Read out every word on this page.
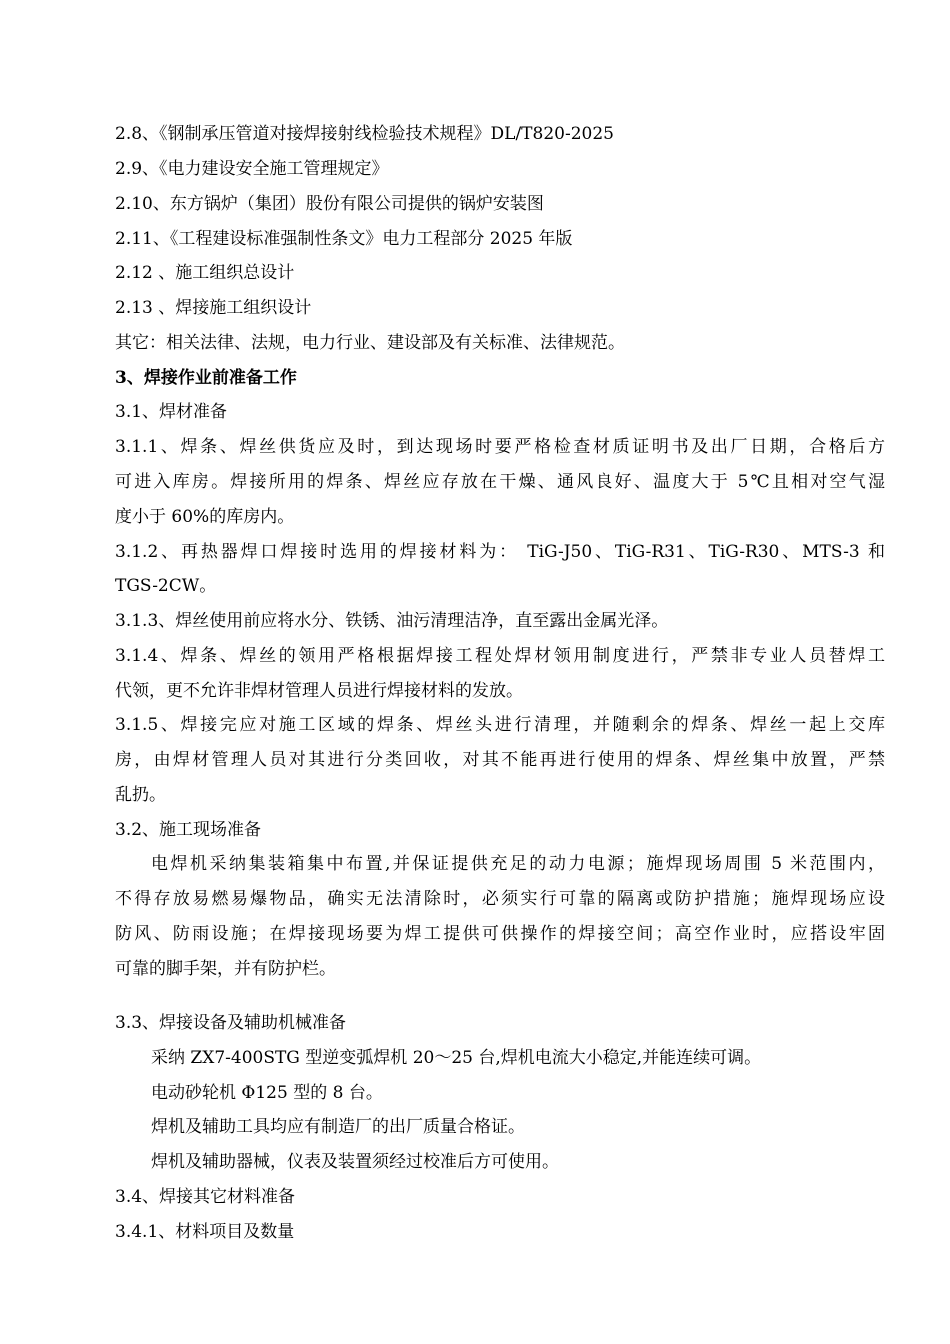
2.8、《钢制承压管道对接焊接射线检验技术规程》DL/T820-2025
2.9、《电力建设安全施工管理规定》
2.10、东方锅炉（集团）股份有限公司提供的锅炉安装图
2.11、《工程建设标准强制性条文》电力工程部分 2025 年版
2.12 、施工组织总设计
2.13 、焊接施工组织设计
其它：相关法律、法规，电力行业、建设部及有关标准、法律规范。
3、焊接作业前准备工作
3.1、焊材准备
3.1.1、焊条、焊丝供货应及时，到达现场时要严格检查材质证明书及出厂日期，合格后方
可进入库房。焊接所用的焊条、焊丝应存放在干燥、通风良好、温度大于 5℃且相对空气湿
度小于 60%的库房内。
3.1.2、再热器焊口焊接时选用的焊接材料为： TiG-J50、TiG-R31、TiG-R30、MTS-3 和
TGS-2CW。
3.1.3、焊丝使用前应将水分、铁锈、油污清理洁净，直至露出金属光泽。
3.1.4、焊条、焊丝的领用严格根据焊接工程处焊材领用制度进行，严禁非专业人员替焊工
代领，更不允许非焊材管理人员进行焊接材料的发放。
3.1.5、焊接完应对施工区域的焊条、焊丝头进行清理，并随剩余的焊条、焊丝一起上交库
房，由焊材管理人员对其进行分类回收，对其不能再进行使用的焊条、焊丝集中放置，严禁
乱扔。
3.2、施工现场准备
电焊机采纳集装箱集中布置,并保证提供充足的动力电源；施焊现场周围 5 米范围内，
不得存放易燃易爆物品，确实无法清除时，必须实行可靠的隔离或防护措施；施焊现场应设
防风、防雨设施；在焊接现场要为焊工提供可供操作的焊接空间；高空作业时，应搭设牢固
可靠的脚手架，并有防护栏。
3.3、焊接设备及辅助机械准备
采纳 ZX7-400STG 型逆变弧焊机 20～25 台,焊机电流大小稳定,并能连续可调。
电动砂轮机 Φ125 型的 8 台。
焊机及辅助工具均应有制造厂的出厂质量合格证。
焊机及辅助器械，仪表及装置须经过校准后方可使用。
3.4、焊接其它材料准备
3.4.1、材料项目及数量
